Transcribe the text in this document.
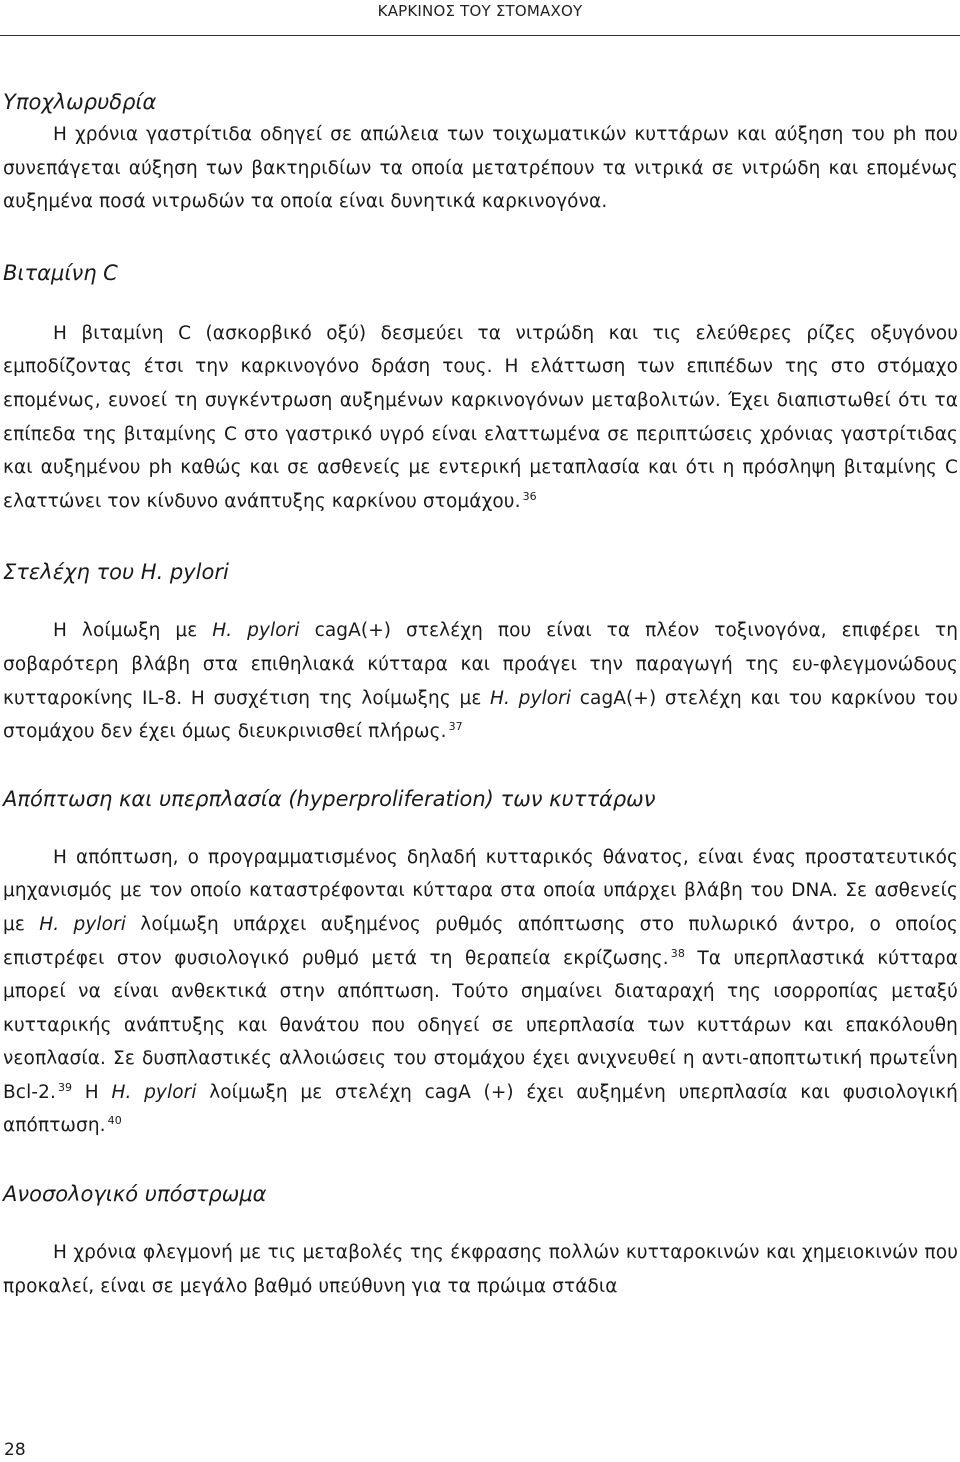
ΚΑΡΚΙΝΟΣ ΤΟΥ ΣΤΟΜΑΧΟΥ
Υποχλωρυδρία

Η χρόνια γαστρίτιδα οδηγεί σε απώλεια των τοιχωματικών κυττάρων και αύξηση του ph που συνεπάγεται αύξηση των βακτηριδίων τα οποία μετατρέπουν τα νιτρικά σε νιτρώδη και επομένως αυξημένα ποσά νιτρωδών τα οποία είναι δυνητικά καρκινογόνα.

Βιταμίνη C

Η βιταμίνη C (ασκορβικό οξύ) δεσμεύει τα νιτρώδη και τις ελεύθερες ρίζες οξυγόνου εμποδίζοντας έτσι την καρκινογόνο δράση τους. Η ελάττωση των επιπέδων της στο στόμαχο επομένως, ευνοεί τη συγκέντρωση αυξημένων καρκινογόνων μεταβολιτών. Έχει διαπιστωθεί ότι τα επίπεδα της βιταμίνης C στο γαστρικό υγρό είναι ελαττωμένα σε περιπτώσεις χρόνιας γαστρίτιδας και αυξημένου ph καθώς και σε ασθενείς με εντερική μεταπλασία και ότι η πρόσληψη βιταμίνης C ελαττώνει τον κίνδυνο ανάπτυξης καρκίνου στομάχου. $^{36}$

Στελέχη του H. pylori

Η λοίμωξη με H. pylori cagA(+) στελέχη που είναι τα πλέον τοξινογόνα, επιφέρει τη σοβαρότερη βλάβη στα επιθηλιακά κύτταρα και προάγει την παραγωγή της ευ-φλεγμονώδους κυτταροκίνης IL-8. Η συσχέτιση της λοίμωξης με H. pylori cagA(+) στελέχη και του καρκίνου του στομάχου δεν έχει όμως διευκρινισθεί πλήρως. $^{37}$

Απόπτωση και υπερπλασία (hyperproliferation) των κυττάρων

Η απόπτωση, ο προγραμματισμένος δηλαδή κυτταρικός θάνατος, είναι ένας προστατευτικός μηχανισμός με τον οποίο καταστρέφονται κύτταρα στα οποία υπάρχει βλάβη του DNA. Σε ασθενείς με H. pylori λοίμωξη υπάρχει αυξημένος ρυθμός απόπτωσης στο πυλωρικό άντρο, ο οποίος επιστρέφει στον φυσιολογικό ρυθμό μετά τη θεραπεία εκρίζωσης. $^{38}$ Τα υπερπλαστικά κύτταρα μπορεί να είναι ανθεκτικά στην απόπτωση. Τούτο σημαίνει διαταραχή της ισορροπίας μεταξύ κυτταρικής ανάπτυξης και θανάτου που οδηγεί σε υπερπλασία των κυττάρων και επακόλουθη νεοπλασία. Σε δυσπλαστικές αλλοιώσεις του στομάχου έχει ανιχνευθεί η αντι-αποπτωτική πρωτεΐνη Bcl-2. $^{39}$ Η H. pylori λοίμωξη με στελέχη cagA (+) έχει αυξημένη υπερπλασία και φυσιολογική απόπτωση. $^{40}$

Ανοσολογικό υπόστρωμα

Η χρόνια φλεγμονή με τις μεταβολές της έκφρασης πολλών κυτταροκινών και χημειοκινών που προκαλεί, είναι σε μεγάλο βαθμό υπεύθυνη για τα πρώιμα στάδια

28
